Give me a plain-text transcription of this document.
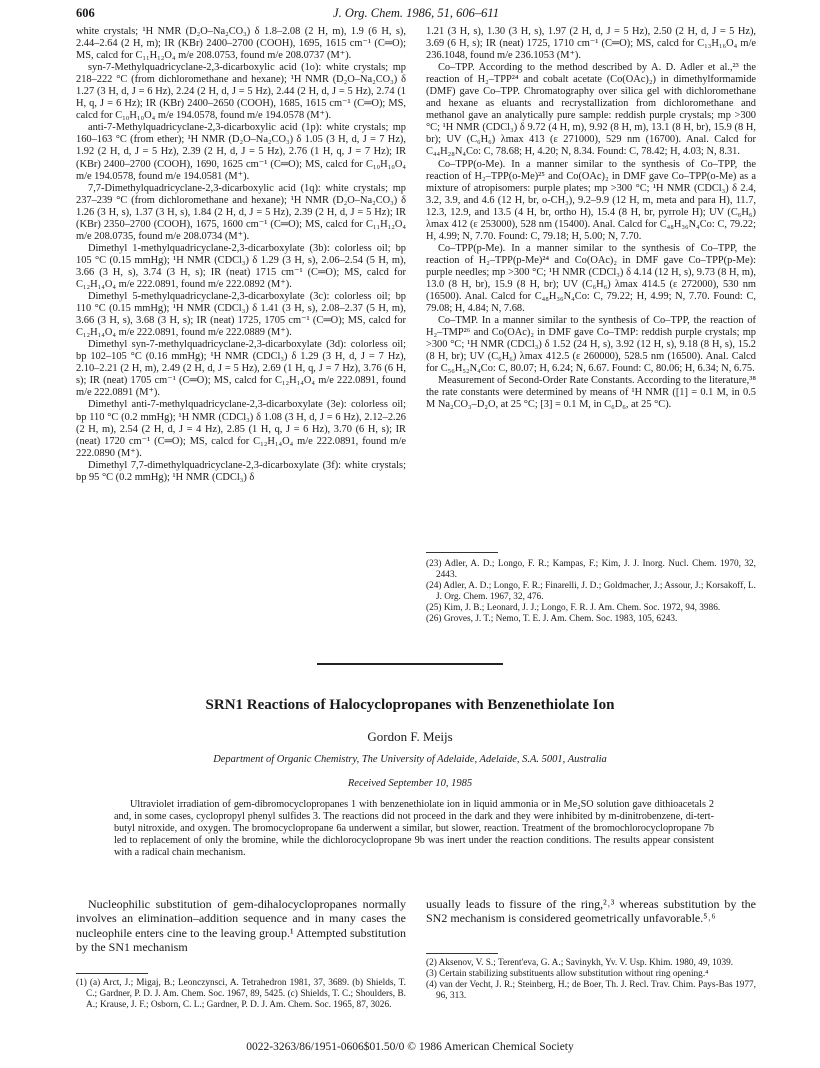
606	J. Org. Chem. 1986, 51, 606–611

white crystals; ¹H NMR (D₂O–Na₂CO₃) δ 1.8–2.08 (2 H, m), 1.9 (6 H, s), 2.44–2.64 (2 H, m); IR (KBr) 2400–2700 (COOH), 1695, 1615 cm⁻¹ (C═O); MS, calcd for C₁₁H₁₂O₄ m/e 208.0753, found m/e 208.0737 (M⁺).

syn-7-Methylquadricyclane-2,3-dicarboxylic acid (1o): white crystals; mp 218–222 °C (from dichloromethane and hexane); ¹H NMR (D₂O–Na₂CO₃) δ 1.27 (3 H, d, J = 6 Hz), 2.24 (2 H, d, J = 5 Hz), 2.44 (2 H, d, J = 5 Hz), 2.74 (1 H, q, J = 6 Hz); IR (KBr) 2400–2650 (COOH), 1685, 1615 cm⁻¹ (C═O); MS, calcd for C₁₀H₁₀O₄ m/e 194.0578, found m/e 194.0578 (M⁺).

anti-7-Methylquadricyclane-2,3-dicarboxylic acid (1p): white crystals; mp 160–163 °C (from ether); ¹H NMR (D₂O–Na₂CO₃) δ 1.05 (3 H, d, J = 7 Hz), 1.92 (2 H, d, J = 5 Hz), 2.39 (2 H, d, J = 5 Hz), 2.76 (1 H, q, J = 7 Hz); IR (KBr) 2400–2700 (COOH), 1690, 1625 cm⁻¹ (C═O); MS, calcd for C₁₀H₁₀O₄ m/e 194.0578, found m/e 194.0581 (M⁺).

7,7-Dimethylquadricyclane-2,3-dicarboxylic acid (1q): white crystals; mp 237–239 °C (from dichloromethane and hexane); ¹H NMR (D₂O–Na₂CO₃) δ 1.26 (3 H, s), 1.37 (3 H, s), 1.84 (2 H, d, J = 5 Hz), 2.39 (2 H, d, J = 5 Hz); IR (KBr) 2350–2700 (COOH), 1675, 1600 cm⁻¹ (C═O); MS, calcd for C₁₁H₁₂O₄ m/e 208.0735, found m/e 208.0734 (M⁺).

Dimethyl 1-methylquadricyclane-2,3-dicarboxylate (3b): colorless oil; bp 105 °C (0.15 mmHg); ¹H NMR (CDCl₃) δ 1.29 (3 H, s), 2.06–2.54 (5 H, m), 3.66 (3 H, s), 3.74 (3 H, s); IR (neat) 1715 cm⁻¹ (C═O); MS, calcd for C₁₂H₁₄O₄ m/e 222.0891, found m/e 222.0892 (M⁺).

Dimethyl 5-methylquadricyclane-2,3-dicarboxylate (3c): colorless oil; bp 110 °C (0.15 mmHg); ¹H NMR (CDCl₃) δ 1.41 (3 H, s), 2.08–2.37 (5 H, m), 3.66 (3 H, s), 3.68 (3 H, s); IR (neat) 1725, 1705 cm⁻¹ (C═O); MS, calcd for C₁₂H₁₄O₄ m/e 222.0891, found m/e 222.0889 (M⁺).

Dimethyl syn-7-methylquadricyclane-2,3-dicarboxylate (3d): colorless oil; bp 102–105 °C (0.16 mmHg); ¹H NMR (CDCl₃) δ 1.29 (3 H, d, J = 7 Hz), 2.10–2.21 (2 H, m), 2.49 (2 H, d, J = 5 Hz), 2.69 (1 H, q, J = 7 Hz), 3.76 (6 H, s); IR (neat) 1705 cm⁻¹ (C═O); MS, calcd for C₁₂H₁₄O₄ m/e 222.0891, found m/e 222.0891 (M⁺).

Dimethyl anti-7-methylquadricyclane-2,3-dicarboxylate (3e): colorless oil; bp 110 °C (0.2 mmHg); ¹H NMR (CDCl₃) δ 1.08 (3 H, d, J = 6 Hz), 2.12–2.26 (2 H, m), 2.54 (2 H, d, J = 4 Hz), 2.85 (1 H, q, J = 6 Hz), 3.70 (6 H, s); IR (neat) 1720 cm⁻¹ (C═O); MS, calcd for C₁₂H₁₄O₄ m/e 222.0891, found m/e 222.0890 (M⁺).

Dimethyl 7,7-dimethylquadricyclane-2,3-dicarboxylate (3f): white crystals; bp 95 °C (0.2 mmHg); ¹H NMR (CDCl₃) δ

1.21 (3 H, s), 1.30 (3 H, s), 1.97 (2 H, d, J = 5 Hz), 2.50 (2 H, d, J = 5 Hz), 3.69 (6 H, s); IR (neat) 1725, 1710 cm⁻¹ (C═O); MS, calcd for C₁₃H₁₆O₄ m/e 236.1048, found m/e 236.1053 (M⁺).

Co–TPP. According to the method described by A. D. Adler et al.,²³ the reaction of H₂–TPP²⁴ and cobalt acetate (Co(OAc)₂) in dimethylformamide (DMF) gave Co–TPP. Chromatography over silica gel with dichloromethane and hexane as eluants and recrystallization from dichloromethane and methanol gave an analytically pure sample: reddish purple crystals; mp >300 °C; ¹H NMR (CDCl₃) δ 9.72 (4 H, m), 9.92 (8 H, m), 13.1 (8 H, br), 15.9 (8 H, br); UV (C₆H₆) λmax 413 (ε 271000), 529 nm (16700). Anal. Calcd for C₄₄H₂₈N₄Co: C, 78.68; H, 4.20; N, 8.34. Found: C, 78.42; H, 4.03; N, 8.31.

Co–TPP(o-Me). In a manner similar to the synthesis of Co–TPP, the reaction of H₂–TPP(o-Me)²⁵ and Co(OAc)₂ in DMF gave Co–TPP(o-Me) as a mixture of atropisomers: purple plates; mp >300 °C; ¹H NMR (CDCl₃) δ 2.4, 3.2, 3.9, and 4.6 (12 H, br, o-CH₃), 9.2–9.9 (12 H, m, meta and para H), 11.7, 12.3, 12.9, and 13.5 (4 H, br, ortho H), 15.4 (8 H, br, pyrrole H); UV (C₆H₆) λmax 412 (ε 253000), 528 nm (15400). Anal. Calcd for C₄₈H₃₆N₄Co: C, 79.22; H, 4.99; N, 7.70. Found: C, 79.18; H, 5.00; N, 7.70.

Co–TPP(p-Me). In a manner similar to the synthesis of Co–TPP, the reaction of H₂–TPP(p-Me)²⁴ and Co(OAc)₂ in DMF gave Co–TPP(p-Me): purple needles; mp >300 °C; ¹H NMR (CDCl₃) δ 4.14 (12 H, s), 9.73 (8 H, m), 13.0 (8 H, br), 15.9 (8 H, br); UV (C₆H₆) λmax 414.5 (ε 272000), 530 nm (16500). Anal. Calcd for C₄₈H₃₆N₄Co: C, 79.22; H, 4.99; N, 7.70. Found: C, 79.08; H, 4.84; N, 7.68.

Co–TMP. In a manner similar to the synthesis of Co–TPP, the reaction of H₂–TMP²⁶ and Co(OAc)₂ in DMF gave Co–TMP: reddish purple crystals; mp >300 °C; ¹H NMR (CDCl₃) δ 1.52 (24 H, s), 3.92 (12 H, s), 9.18 (8 H, s), 15.2 (8 H, br); UV (C₆H₆) λmax 412.5 (ε 260000), 528.5 nm (16500). Anal. Calcd for C₅₆H₅₂N₄Co: C, 80.07; H, 6.24; N, 6.67. Found: C, 80.06; H, 6.34; N, 6.75.

Measurement of Second-Order Rate Constants. According to the literature,³⁸ the rate constants were determined by means of ¹H NMR ([1] = 0.1 M, in 0.5 M Na₂CO₃–D₂O, at 25 °C; [3] = 0.1 M, in C₆D₆, at 25 °C).

(23) Adler, A. D.; Longo, F. R.; Kampas, F.; Kim, J. J. Inorg. Nucl. Chem. 1970, 32, 2443.

(24) Adler, A. D.; Longo, F. R.; Finarelli, J. D.; Goldmacher, J.; Assour, J.; Korsakoff, L. J. Org. Chem. 1967, 32, 476.

(25) Kim, J. B.; Leonard, J. J.; Longo, F. R. J. Am. Chem. Soc. 1972, 94, 3986.

(26) Groves, J. T.; Nemo, T. E. J. Am. Chem. Soc. 1983, 105, 6243.

SRN1 Reactions of Halocyclopropanes with Benzenethiolate Ion
Gordon F. Meijs
Department of Organic Chemistry, The University of Adelaide, Adelaide, S.A. 5001, Australia
Received September 10, 1985

Ultraviolet irradiation of gem-dibromocyclopropanes 1 with benzenethiolate ion in liquid ammonia or in Me₂SO solution gave dithioacetals 2 and, in some cases, cyclopropyl phenyl sulfides 3. The reactions did not proceed in the dark and they were inhibited by m-dinitrobenzene, di-tert-butyl nitroxide, and oxygen. The bromocyclopropane 6a underwent a similar, but slower, reaction. Treatment of the bromochlorocyclopropane 7b led to replacement of only the bromine, while the dichlorocyclopropane 9b was inert under the reaction conditions. The results appear consistent with a radical chain mechanism.

Nucleophilic substitution of gem-dihalocyclopropanes normally involves an elimination–addition sequence and in many cases the nucleophile enters cine to the leaving group.¹ Attempted substitution by the SN1 mechanism

usually leads to fissure of the ring,²˒³ whereas substitution by the SN2 mechanism is considered geometrically unfavorable.⁵˒⁶

(1) (a) Arct, J.; Migaj, B.; Leonczynsci, A. Tetrahedron 1981, 37, 3689. (b) Shields, T. C.; Gardner, P. D. J. Am. Chem. Soc. 1967, 89, 5425. (c) Shields, T. C.; Shoulders, B. A.; Krause, J. F.; Osborn, C. L.; Gardner, P. D. J. Am. Chem. Soc. 1965, 87, 3026.

(2) Aksenov, V. S.; Terent'eva, G. A.; Savinykh, Yv. V. Usp. Khim. 1980, 49, 1039.

(3) Certain stabilizing substituents allow substitution without ring opening.⁴

(4) van der Vecht, J. R.; Steinberg, H.; de Boer, Th. J. Recl. Trav. Chim. Pays-Bas 1977, 96, 313.

0022-3263/86/1951-0606$01.50/0 © 1986 American Chemical Society
